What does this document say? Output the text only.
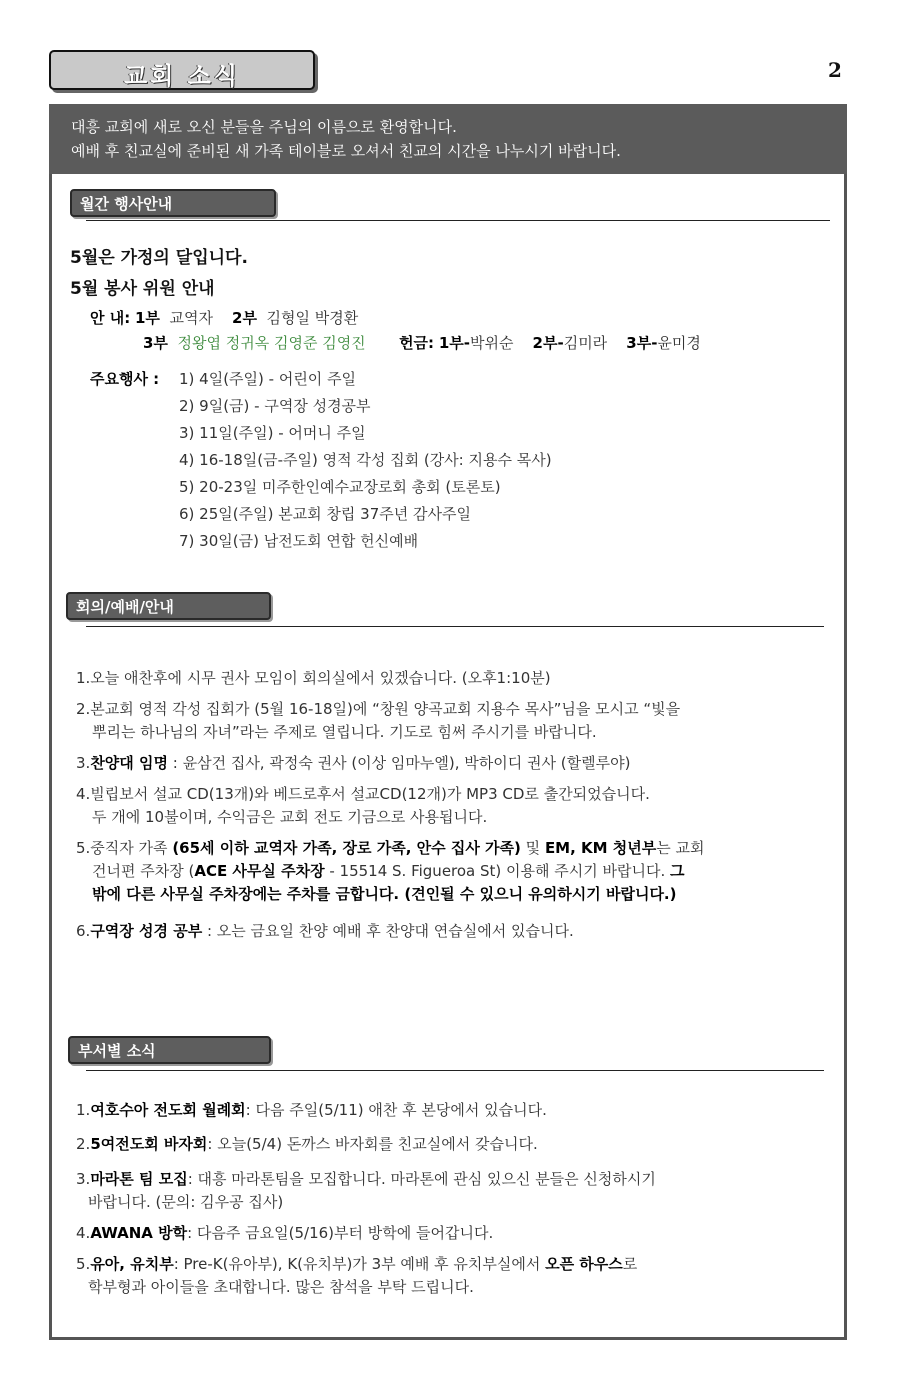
교회 소식	2
대흥 교회에 새로 오신 분들을 주님의 이름으로 환영합니다.
예배 후 친교실에 준비된 새 가족 테이블로 오셔서 친교의 시간을 나누시기 바랍니다.
월간 행사안내
5월은 가정의 달입니다.
5월 봉사 위원 안내
안 내: 1부 교역자 2부 김형일 박경환
3부 정왕엽 정귀옥 김영준 김영진 헌금: 1부-박위순 2부-김미라 3부-윤미경
주요행사 : 1) 4일(주일) - 어린이 주일
2) 9일(금) - 구역장 성경공부
3) 11일(주일) - 어머니 주일
4) 16-18일(금-주일) 영적 각성 집회 (강사: 지용수 목사)
5) 20-23일 미주한인예수교장로회 총회 (토론토)
6) 25일(주일) 본교회 창립 37주년 감사주일
7) 30일(금) 남전도회 연합 헌신예배
회의/예배/안내
1.오늘 애찬후에 시무 권사 모임이 회의실에서 있겠습니다. (오후1:10분)
2.본교회 영적 각성 집회가 (5월 16-18일)에 “창원 양곡교회 지용수 목사”님을 모시고 “빛을
뿌리는 하나님의 자녀”라는 주제로 열립니다. 기도로 힘써 주시기를 바랍니다.
3.찬양대 임명 : 윤삼건 집사, 곽정숙 권사 (이상 임마누엘), 박하이디 권사 (할렐루야)
4.빌립보서 설교 CD(13개)와 베드로후서 설교CD(12개)가 MP3 CD로 출간되었습니다.
두 개에 10불이며, 수익금은 교회 전도 기금으로 사용됩니다.
5.중직자 가족 (65세 이하 교역자 가족, 장로 가족, 안수 집사 가족) 및 EM, KM 청년부는 교회
건너편 주차장 (ACE 사무실 주차장 - 15514 S. Figueroa St) 이용해 주시기 바랍니다. 그
밖에 다른 사무실 주차장에는 주차를 금합니다. (견인될 수 있으니 유의하시기 바랍니다.)
6.구역장 성경 공부 : 오는 금요일 찬양 예배 후 찬양대 연습실에서 있습니다.
부서별 소식
1.여호수아 전도회 월례회: 다음 주일(5/11) 애찬 후 본당에서 있습니다.
2.5여전도회 바자회: 오늘(5/4) 돈까스 바자회를 친교실에서 갖습니다.
3.마라톤 팀 모집: 대흥 마라톤팀을 모집합니다. 마라톤에 관심 있으신 분들은 신청하시기
바랍니다. (문의: 김우공 집사)
4.AWANA 방학: 다음주 금요일(5/16)부터 방학에 들어갑니다.
5.유아, 유치부: Pre-K(유아부), K(유치부)가 3부 예배 후 유치부실에서 오픈 하우스로
학부형과 아이들을 초대합니다. 많은 참석을 부탁 드립니다.
